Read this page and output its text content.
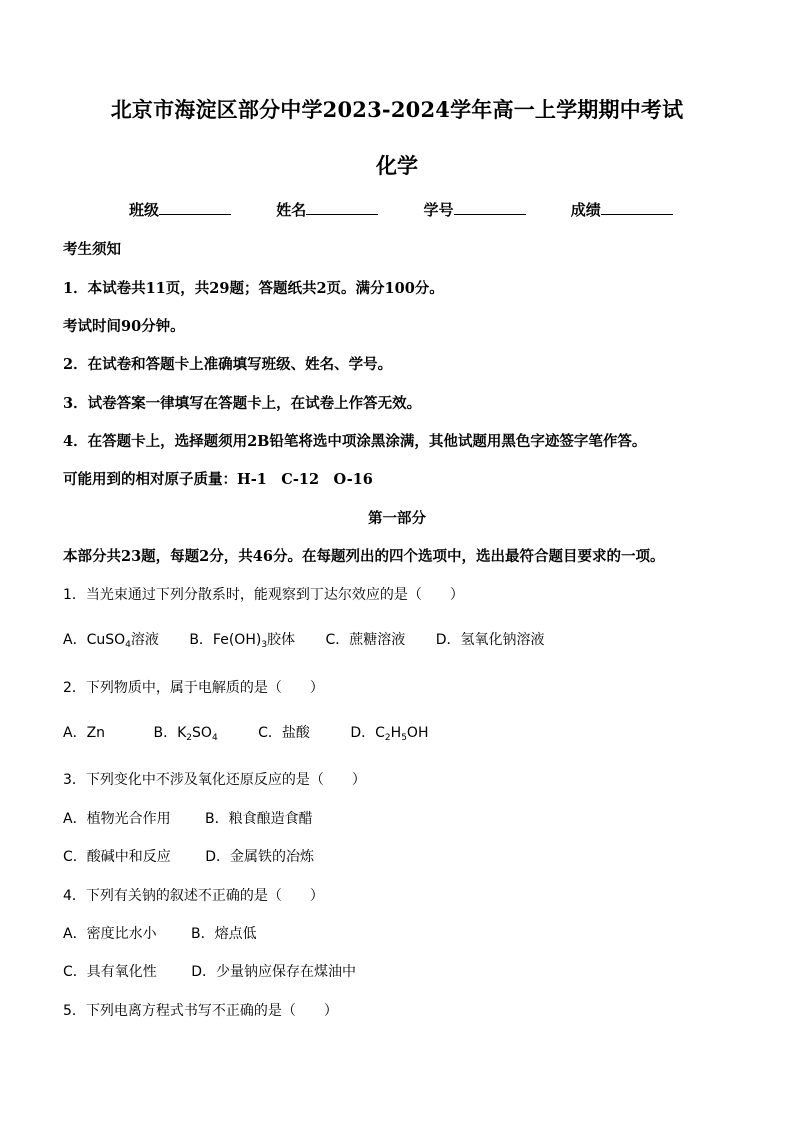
北京市海淀区部分中学2023-2024学年高一上学期期中考试
化学
班级	姓名	学号	成绩
考生须知
1．本试卷共11页，共29题；答题纸共2页。满分100分。
考试时间90分钟。
2．在试卷和答题卡上准确填写班级、姓名、学号。
3．试卷答案一律填写在答题卡上，在试卷上作答无效。
4．在答题卡上，选择题须用2B铅笔将选中项涂黑涂满，其他试题用黑色字迹签字笔作答。
可能用到的相对原子质量：H-1　C-12　O-16
第一部分
本部分共23题，每题2分，共46分。在每题列出的四个选项中，选出最符合题目要求的一项。
1．当光束通过下列分散系时，能观察到丁达尔效应的是（　　）
A．CuSO$_4$溶液 B．$Fe(OH)_3$胶体 C．蔗糖溶液 D．氢氧化钠溶液
2．下列物质中，属于电解质的是（　　）
A．Zn	B．$K_2SO_4$	C．盐酸	D．$C_2H_5OH$
3．下列变化中不涉及氧化还原反应的是（　　）
A．植物光合作用 B．粮食酿造食醋
C．酸碱中和反应 D．金属铁的冶炼
4．下列有关钠的叙述不正确的是（　　）
A．密度比水小 B．熔点低
C．具有氧化性 D．少量钠应保存在煤油中
5．下列电离方程式书写不正确的是（　　）
